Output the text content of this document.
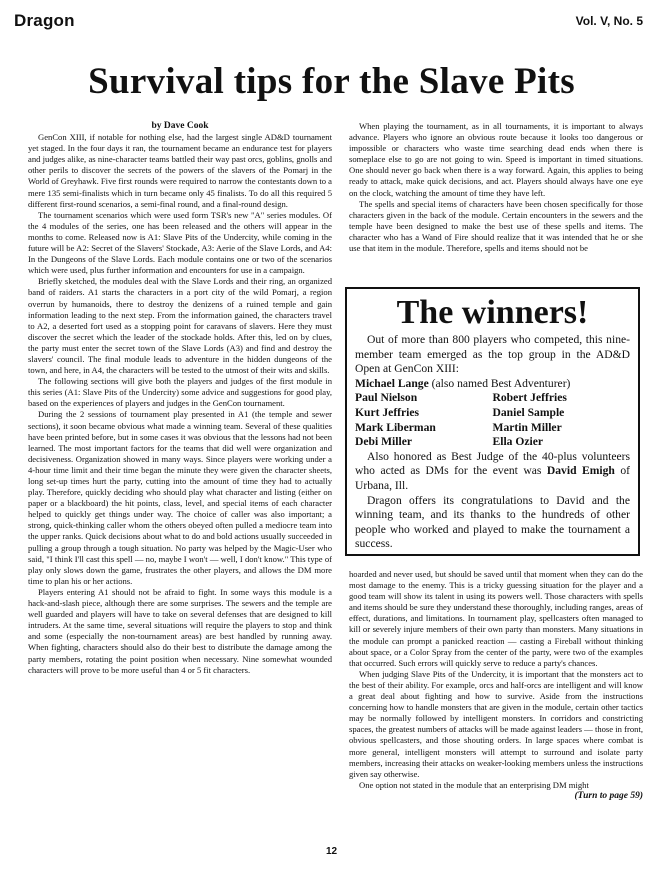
Dragon	Vol. V, No. 5
Survival tips for the Slave Pits

by Dave Cook

GenCon XIII, if notable for nothing else, had the largest single AD&D tournament yet staged. In the four days it ran, the tournament became an endurance test for players and judges alike, as nine-character teams battled their way past orcs, goblins, gnolls and other perils to discover the secrets of the powers of the slavers of the Pomarj in the World of Greyhawk. Five first rounds were required to narrow the contestants down to a mere 135 semi-finalists which in turn became only 45 finalists. To do all this required 5 different first-round scenarios, a semi-final round, and a final-round design.

The tournament scenarios which were used form TSR's new "A" series modules. Of the 4 modules of the series, one has been released and the others will appear in the months to come. Released now is A1: Slave Pits of the Undercity, while coming in the future will be A2: Secret of the Slavers' Stockade, A3: Aerie of the Slave Lords, and A4: In the Dungeons of the Slave Lords. Each module contains one or two of the scenarios which were used, plus further information and encounters for use in a campaign.

Briefly sketched, the modules deal with the Slave Lords and their ring, an organized band of raiders. A1 starts the characters in a port city of the wild Pomarj, a region overrun by humanoids, there to destroy the denizens of a ruined temple and gain information leading to the next step. From the information gained, the characters travel to A2, a deserted fort used as a stopping point for caravans of slavers. Here they must discover the secret which the leader of the stockade holds. After this, led on by clues, the party must enter the secret town of the Slave Lords (A3) and find and destroy the slavers' council. The final module leads to adventure in the hidden dungeons of the town, and here, in A4, the characters will be tested to the utmost of their wits and skills.

The following sections will give both the players and judges of the first module in this series (A1: Slave Pits of the Undercity) some advice and suggestions for good play, based on the experiences of players and judges in the GenCon tournament.

During the 2 sessions of tournament play presented in A1 (the temple and sewer sections), it soon became obvious what made a winning team. Several of these qualities have been printed before, but in some cases it was obvious that the lessons had not been learned. The most important factors for the teams that did well were organization and decisiveness. Organization showed in many ways. Since players were working under a 4-hour time limit and their time began the minute they were given the character sheets, long set-up times hurt the party, cutting into the amount of time they had to actually play. Therefore, quickly deciding who should play what character and listing (either on paper or a blackboard) the hit points, class, level, and special items of each character helped to quickly get things under way. The choice of caller was also important; a strong, quick-thinking caller whom the others obeyed often pulled a mediocre team into the upper ranks. Quick decisions about what to do and bold actions usually succeeded in pulling a group through a tough situation. No party was helped by the Magic-User who said, "I think I'll cast this spell — no, maybe I won't — well, I don't know." This type of play only slows down the game, frustrates the other players, and allows the DM more time to plan his or her actions.

Players entering A1 should not be afraid to fight. In some ways this module is a hack-and-slash piece, although there are some surprises. The sewers and the temple are well guarded and players will have to take on several defenses that are designed to kill intruders. At the same time, several situations will require the players to stop and think and some (especially the non-tournament areas) are best handled by running away. When fighting, characters should also do their best to distribute the damage among the party members, rotating the point position when necessary. Nine somewhat wounded characters will prove to be more useful than 4 or 5 fit characters.

When playing the tournament, as in all tournaments, it is important to always advance. Players who ignore an obvious route because it looks too dangerous or impossible or characters who waste time searching dead ends when there is someplace else to go are not going to win. Speed is important in timed situations. One should never go back when there is a way forward. Again, this applies to being ready to attack, make quick decisions, and act. Players should always have one eye on the clock, watching the amount of time they have left.

The spells and special items of characters have been chosen specifically for those characters given in the back of the module. Certain encounters in the sewers and the temple have been designed to make the best use of these spells and items. The character who has a Wand of Fire should realize that it was intended that he or she use that item in the module. Therefore, spells and items should not be

The winners!

Out of more than 800 players who competed, this nine-member team emerged as the top group in the AD&D Open at GenCon XIII:

Michael Lange (also named Best Adventurer)

Paul Nielson	Robert Jeffries
Kurt Jeffries	Daniel Sample
Mark Liberman	Martin Miller
Debi Miller	Ella Ozier

Also honored as Best Judge of the 40-plus volunteers who acted as DMs for the event was David Emigh of Urbana, Ill.

Dragon offers its congratulations to David and the winning team, and its thanks to the hundreds of other people who worked and played to make the tournament a success.

hoarded and never used, but should be saved until that moment when they can do the most damage to the enemy. This is a tricky guessing situation for the player and a good team will show its talent in using its powers well. Those characters with spells and items should be sure they understand these thoroughly, including ranges, areas of effect, durations, and limitations. In tournament play, spellcasters often managed to kill or severely injure members of their own party than monsters. Many situations in the module can prompt a panicked reaction — casting a Fireball without thinking about space, or a Color Spray from the center of the party, were two of the examples that occurred. Such errors will quickly serve to reduce a party's chances.

When judging Slave Pits of the Undercity, it is important that the monsters act to the best of their ability. For example, orcs and half-orcs are intelligent and will know a great deal about fighting and how to survive. Aside from the instructions concerning how to handle monsters that are given in the module, certain other tactics may be normally followed by intelligent monsters. In corridors and constricting spaces, the greatest numbers of attacks will be made against leaders — those in front, obvious spellcasters, and those shouting orders. In large spaces where combat is more general, intelligent monsters will attempt to surround and isolate party members, increasing their attacks on weaker-looking members unless the instructions given say otherwise.

One option not stated in the module that an enterprising DM might

(Turn to page 59)
12
